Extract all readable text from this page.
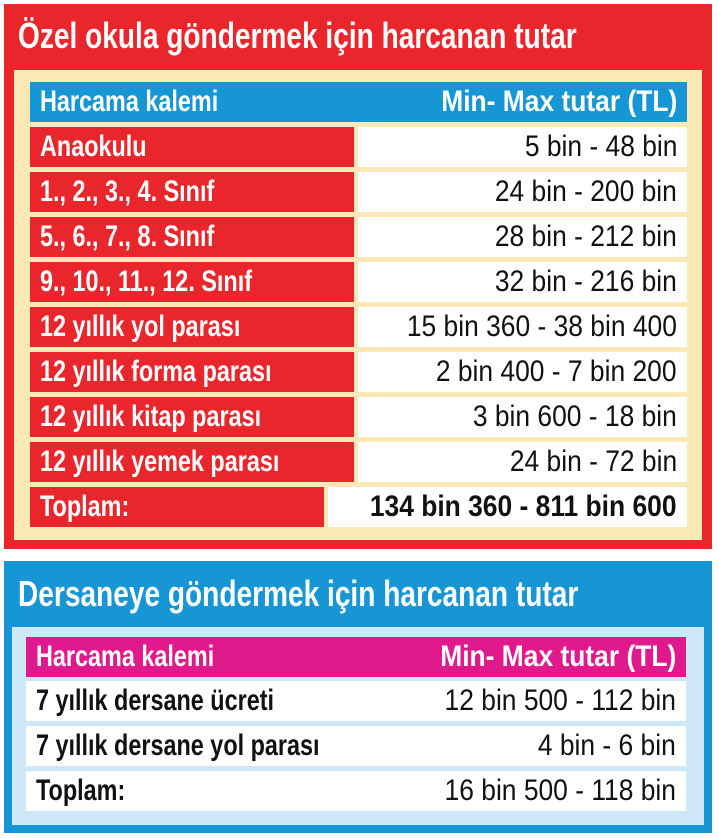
Özel okula göndermek için harcanan tutar
Harcama kalemi	Min- Max tutar (TL)
Anaokulu	5 bin - 48 bin
1., 2., 3., 4. Sınıf	24 bin - 200 bin
5., 6., 7., 8. Sınıf	28 bin - 212 bin
9., 10., 11., 12. Sınıf	32 bin - 216 bin
12 yıllık yol parası	15 bin 360 - 38 bin 400
12 yıllık forma parası	2 bin 400 - 7 bin 200
12 yıllık kitap parası	3 bin 600 - 18 bin
12 yıllık yemek parası	24 bin - 72 bin
Toplam:	134 bin 360 - 811 bin 600
Dersaneye göndermek için harcanan tutar
Harcama kalemi	Min- Max tutar (TL)
7 yıllık dersane ücreti	12 bin 500 - 112 bin
7 yıllık dersane yol parası	4 bin - 6 bin
Toplam:	16 bin 500 - 118 bin
